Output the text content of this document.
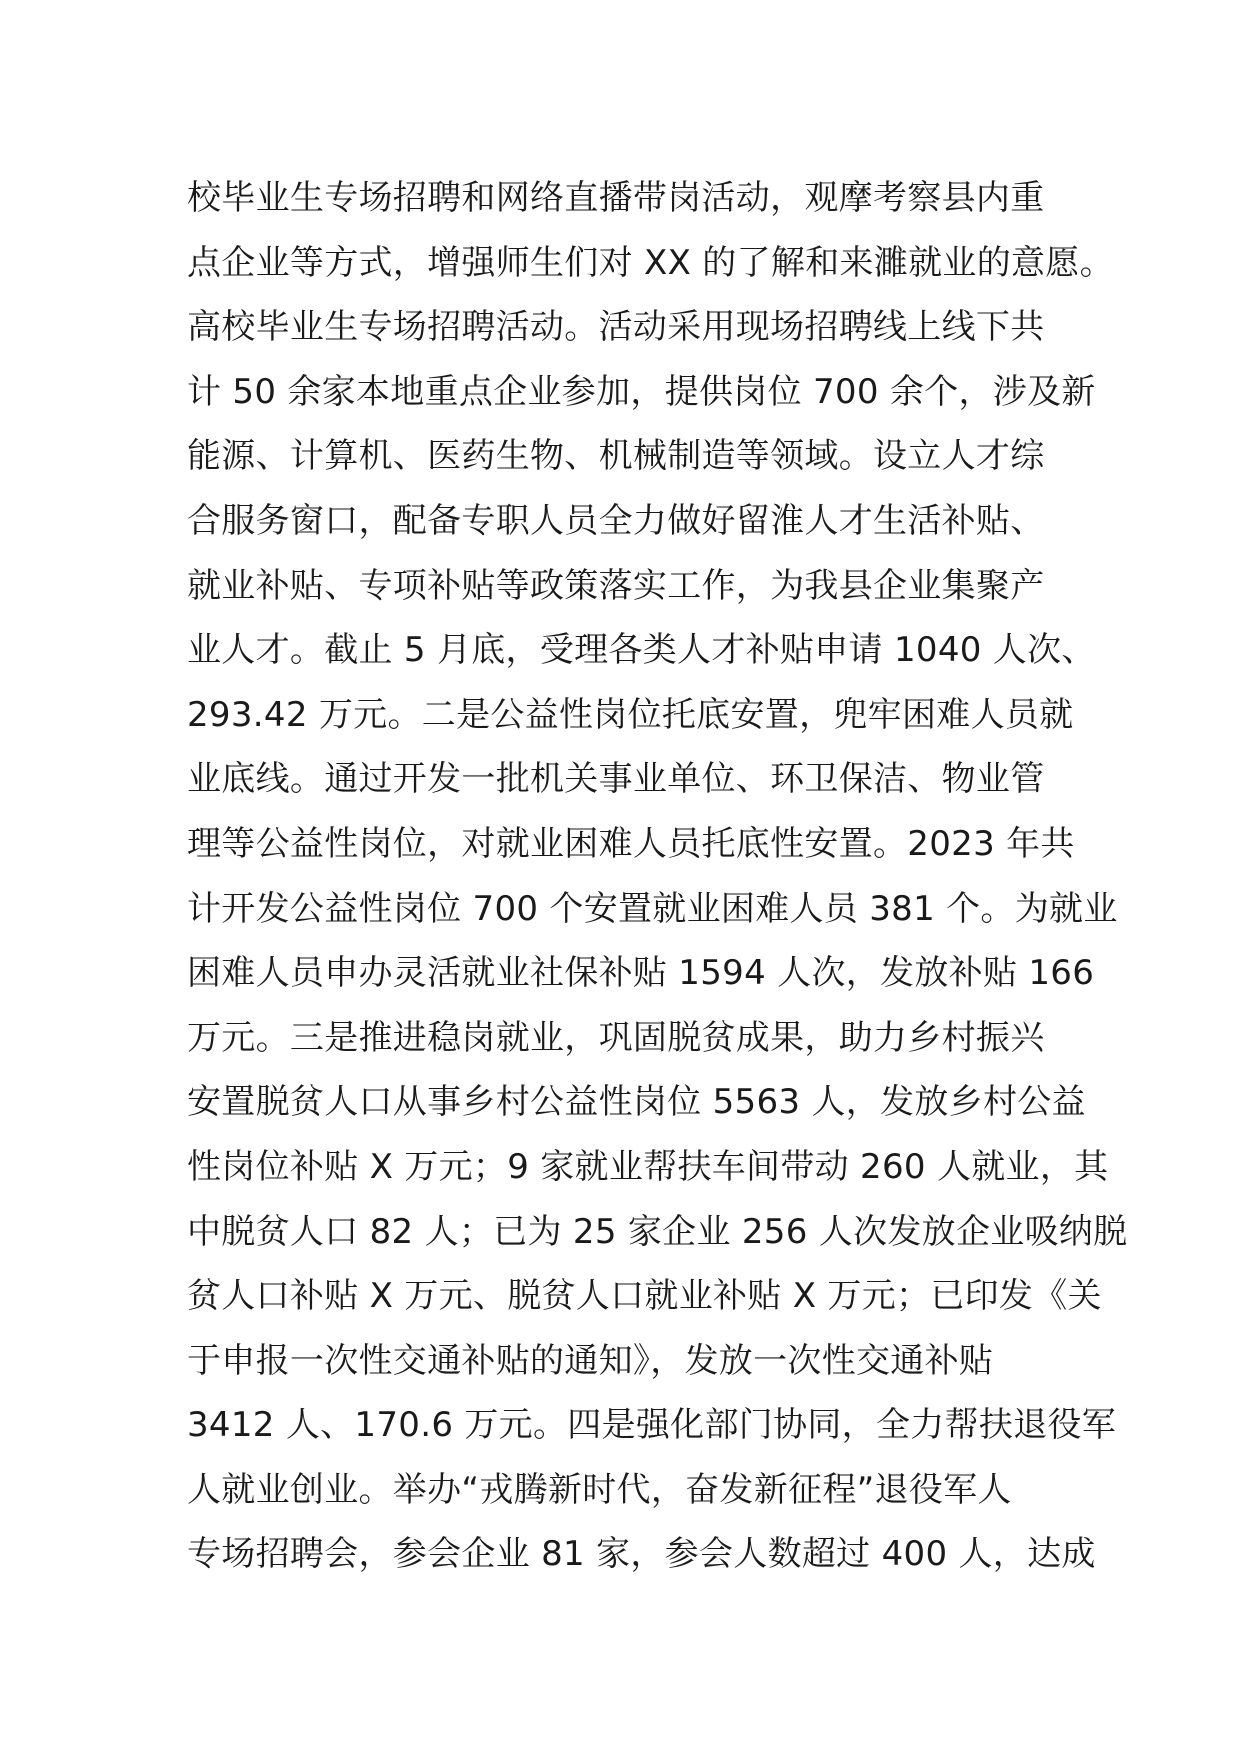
校毕业生专场招聘和网络直播带岗活动，观摩考察县内重
点企业等方式，增强师生们对 XX 的了解和来濉就业的意愿。
高校毕业生专场招聘活动。活动采用现场招聘线上线下共
计 50 余家本地重点企业参加，提供岗位 700 余个，涉及新
能源、计算机、医药生物、机械制造等领域。设立人才综
合服务窗口，配备专职人员全力做好留淮人才生活补贴、
就业补贴、专项补贴等政策落实工作，为我县企业集聚产
业人才。截止 5 月底，受理各类人才补贴申请 1040 人次、
293.42 万元。二是公益性岗位托底安置，兜牢困难人员就
业底线。通过开发一批机关事业单位、环卫保洁、物业管
理等公益性岗位，对就业困难人员托底性安置。2023 年共
计开发公益性岗位 700 个安置就业困难人员 381 个。为就业
困难人员申办灵活就业社保补贴 1594 人次，发放补贴 166
万元。三是推进稳岗就业，巩固脱贫成果，助力乡村振兴
安置脱贫人口从事乡村公益性岗位 5563 人，发放乡村公益
性岗位补贴 X 万元；9 家就业帮扶车间带动 260 人就业，其
中脱贫人口 82 人；已为 25 家企业 256 人次发放企业吸纳脱
贫人口补贴 X 万元、脱贫人口就业补贴 X 万元；已印发《关
于申报一次性交通补贴的通知》，发放一次性交通补贴
3412 人、170.6 万元。四是强化部门协同，全力帮扶退役军
人就业创业。举办“戎腾新时代，奋发新征程”退役军人
专场招聘会，参会企业 81 家，参会人数超过 400 人，达成
